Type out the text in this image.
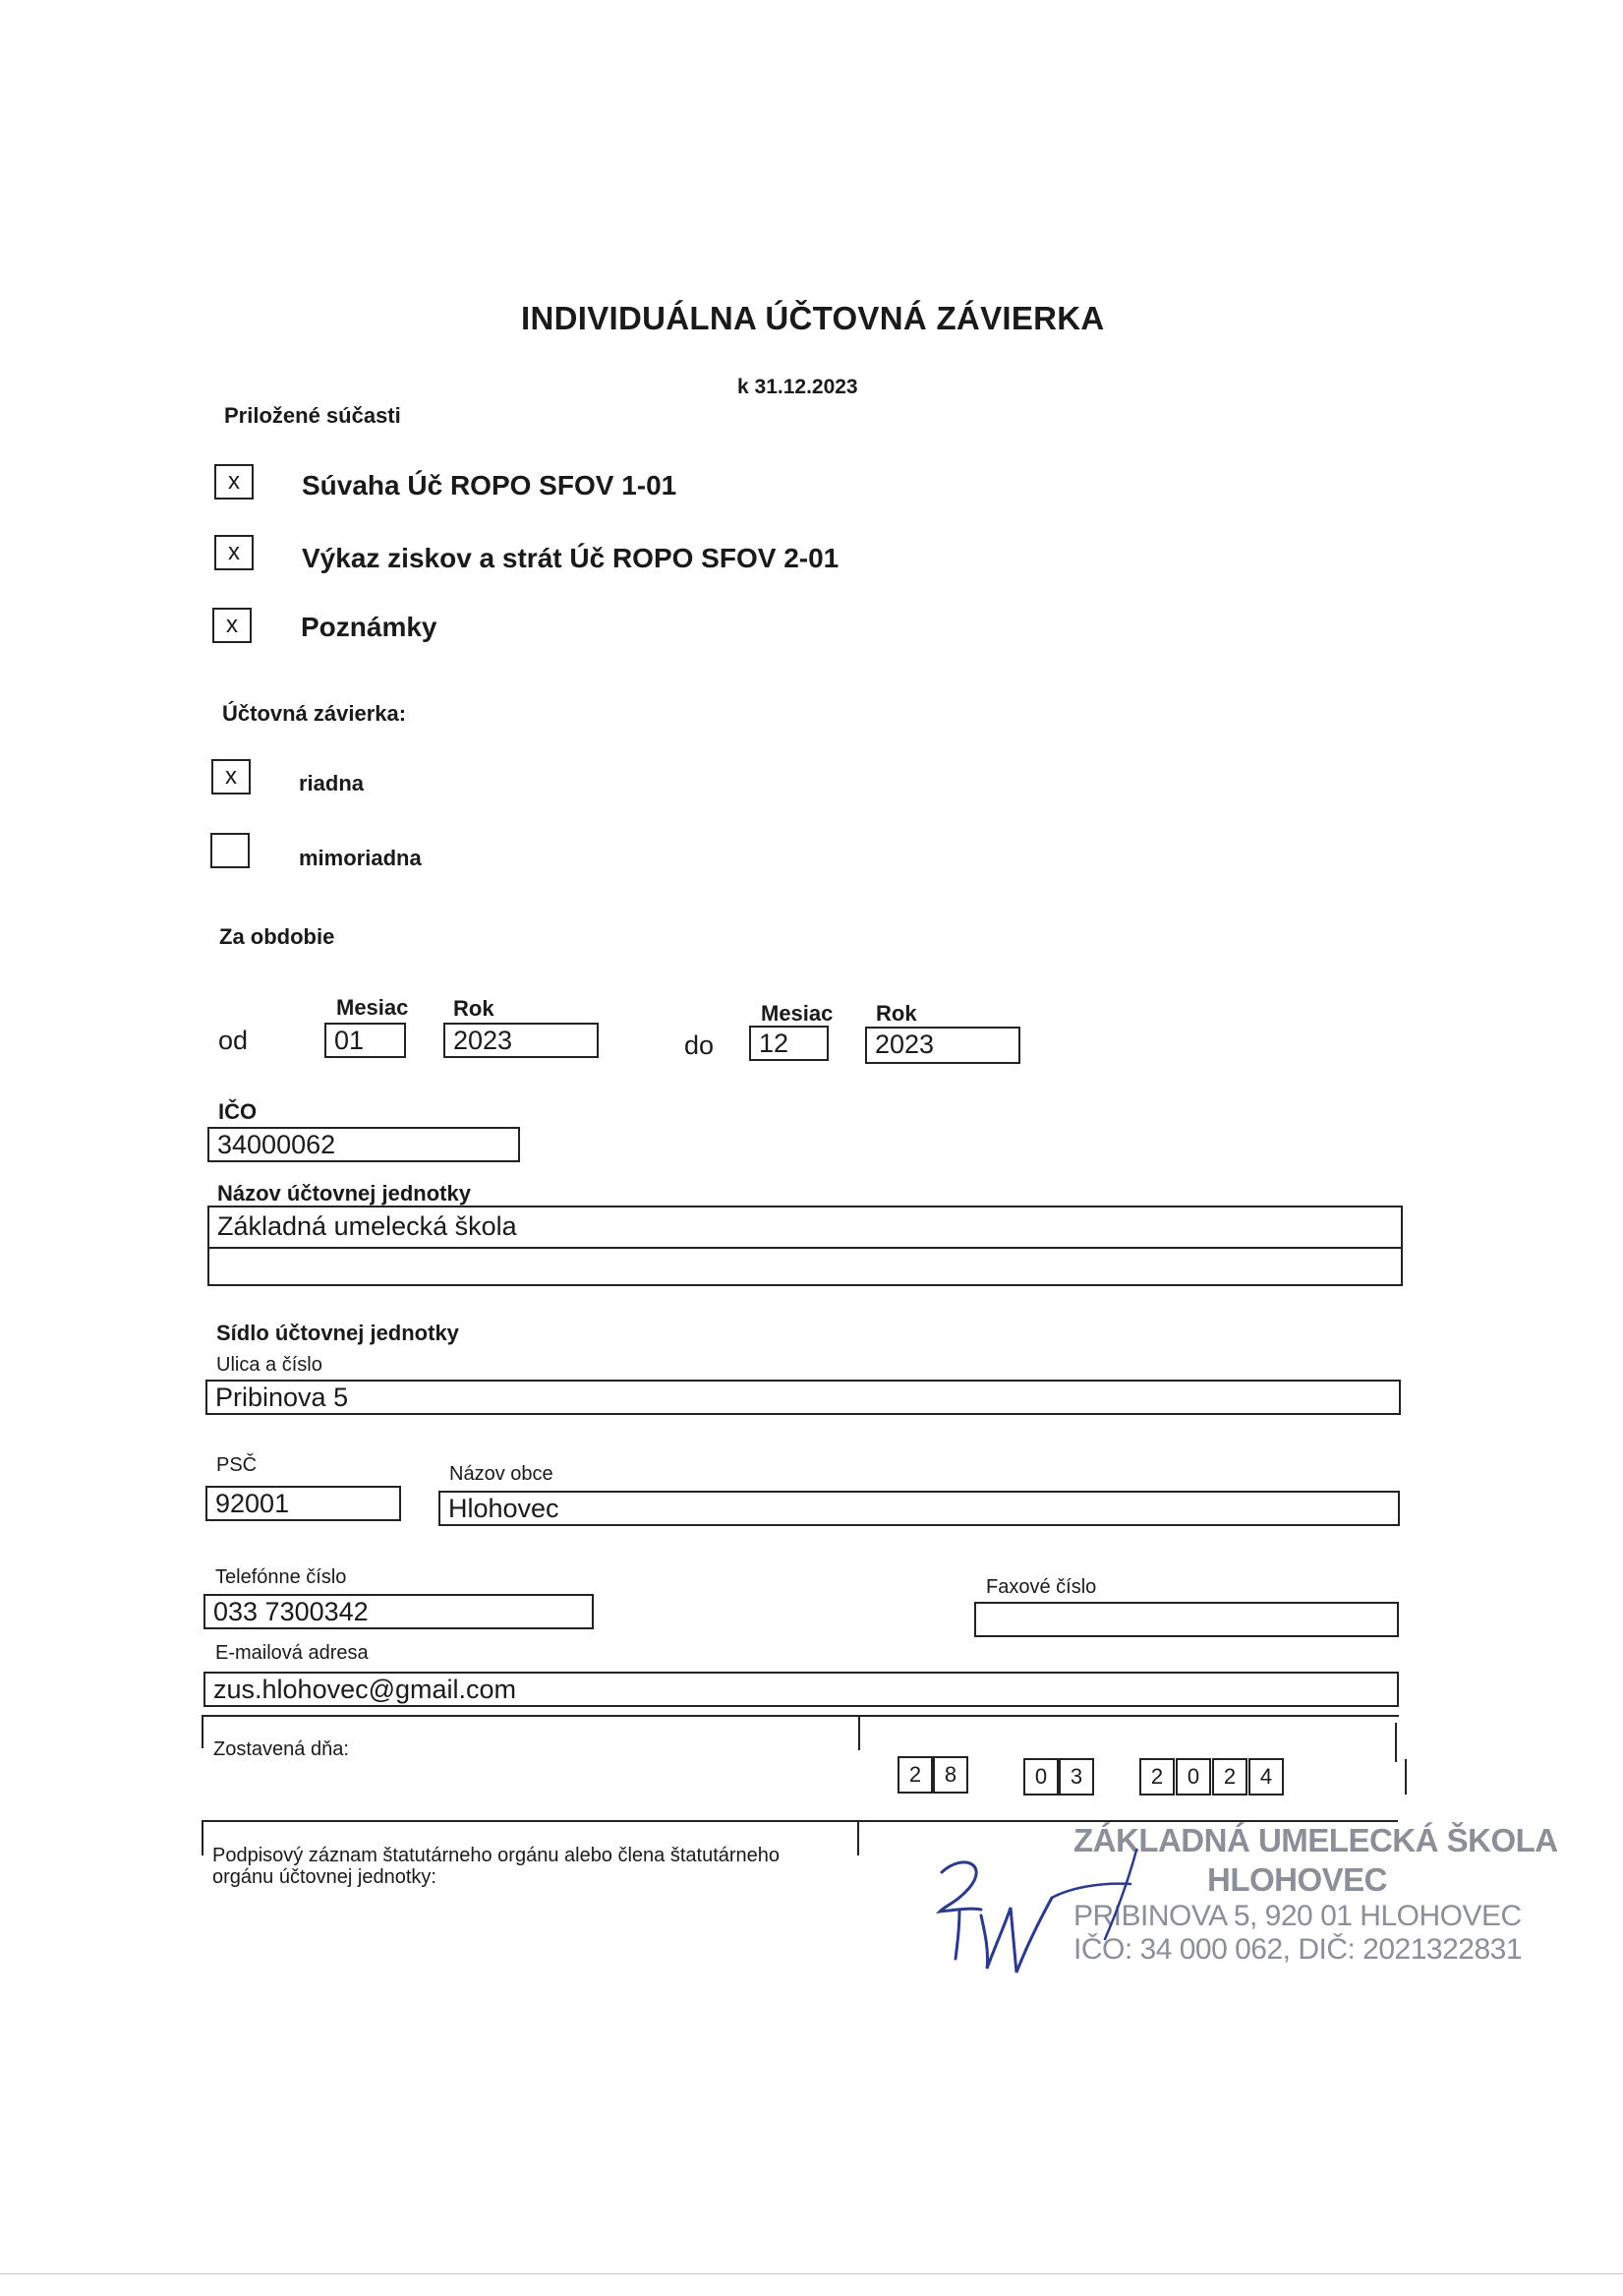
INDIVIDUÁLNA ÚČTOVNÁ ZÁVIERKA
k 31.12.2023
Priložené súčasti
x	Súvaha Úč ROPO SFOV 1-01
x	Výkaz ziskov a strát Úč ROPO SFOV 2-01
x	Poznámky
Účtovná závierka:
x	riadna
mimoriadna
Za obdobie
Mesiac Rok
od	01	2023
Mesiac Rok
do	12	2023
IČO
34000062
Názov účtovnej jednotky
Základná umelecká škola
Sídlo účtovnej jednotky
Ulica a číslo
Pribinova 5
PSČ
92001
Názov obce
Hlohovec
Telefónne číslo
033 7300342
Faxové číslo
E-mailová adresa
zus.hlohovec@gmail.com
Zostavená dňa:
2	8	0	3	2	0	2	4
Podpisový záznam štatutárneho orgánu alebo člena štatutárneho
orgánu účtovnej jednotky:
ZÁKLADNÁ UMELECKÁ ŠKOLA
HLOHOVEC
PRIBINOVA 5, 920 01 HLOHOVEC
IČO: 34 000 062, DIČ: 2021322831
